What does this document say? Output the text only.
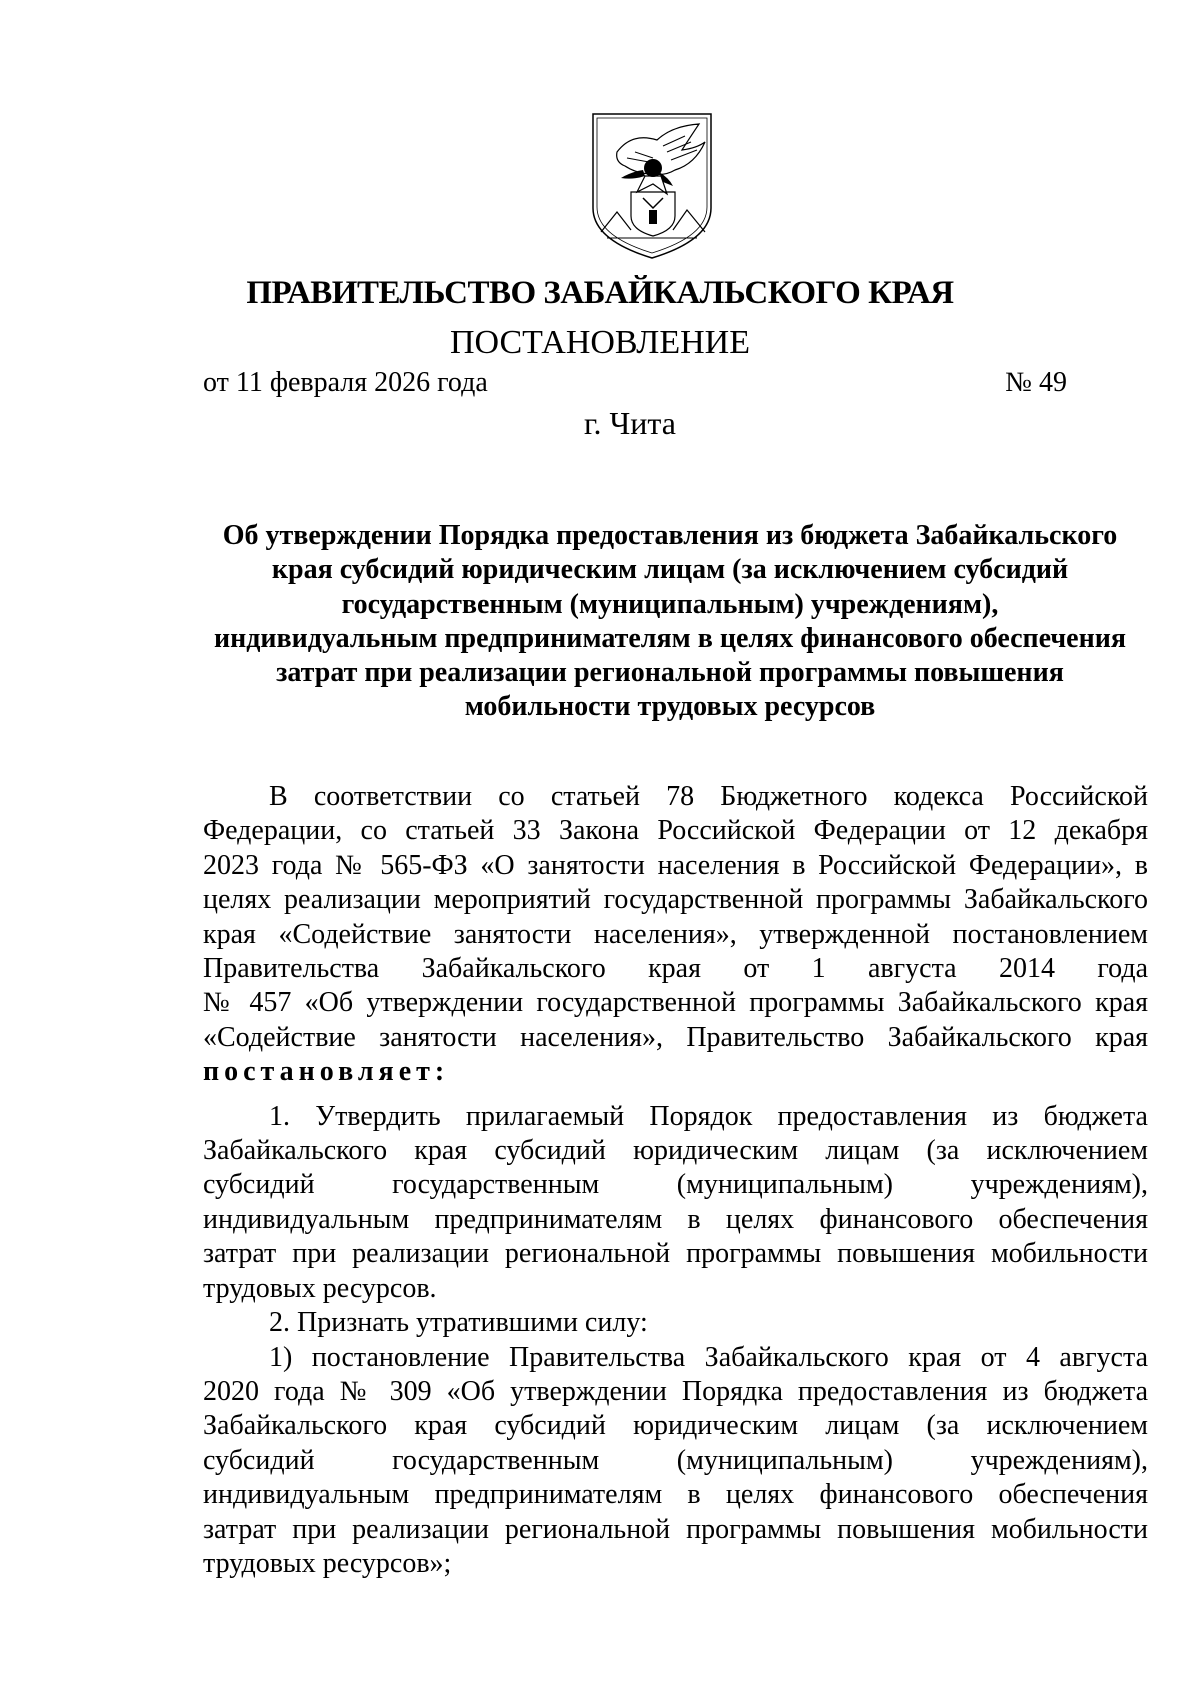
ПРАВИТЕЛЬСТВО ЗАБАЙКАЛЬСКОГО КРАЯ
ПОСТАНОВЛЕНИЕ
от 11 февраля 2026 года	№ 49
г. Чита
Об утверждении Порядка предоставления из бюджета Забайкальского
края субсидий юридическим лицам (за исключением субсидий
государственным (муниципальным) учреждениям),
индивидуальным предпринимателям в целях финансового обеспечения
затрат при реализации региональной программы повышения
мобильности трудовых ресурсов

В соответствии со статьей 78 Бюджетного кодекса Российской

Федерации, со статьей 33 Закона Российской Федерации от 12 декабря

2023 года № 565-ФЗ «О занятости населения в Российской Федерации», в

целях реализации мероприятий государственной программы Забайкальского

края «Содействие занятости населения», утвержденной постановлением

Правительства Забайкальского края от 1 августа 2014 года

№ 457 «Об утверждении государственной программы Забайкальского края

«Содействие занятости населения», Правительство Забайкальского края

постановляет:

1. Утвердить прилагаемый Порядок предоставления из бюджета

Забайкальского края субсидий юридическим лицам (за исключением

субсидий государственным (муниципальным) учреждениям),

индивидуальным предпринимателям в целях финансового обеспечения

затрат при реализации региональной программы повышения мобильности

трудовых ресурсов.

2. Признать утратившими силу:

1) постановление Правительства Забайкальского края от 4 августа

2020 года № 309 «Об утверждении Порядка предоставления из бюджета

Забайкальского края субсидий юридическим лицам (за исключением

субсидий государственным (муниципальным) учреждениям),

индивидуальным предпринимателям в целях финансового обеспечения

затрат при реализации региональной программы повышения мобильности

трудовых ресурсов»;
